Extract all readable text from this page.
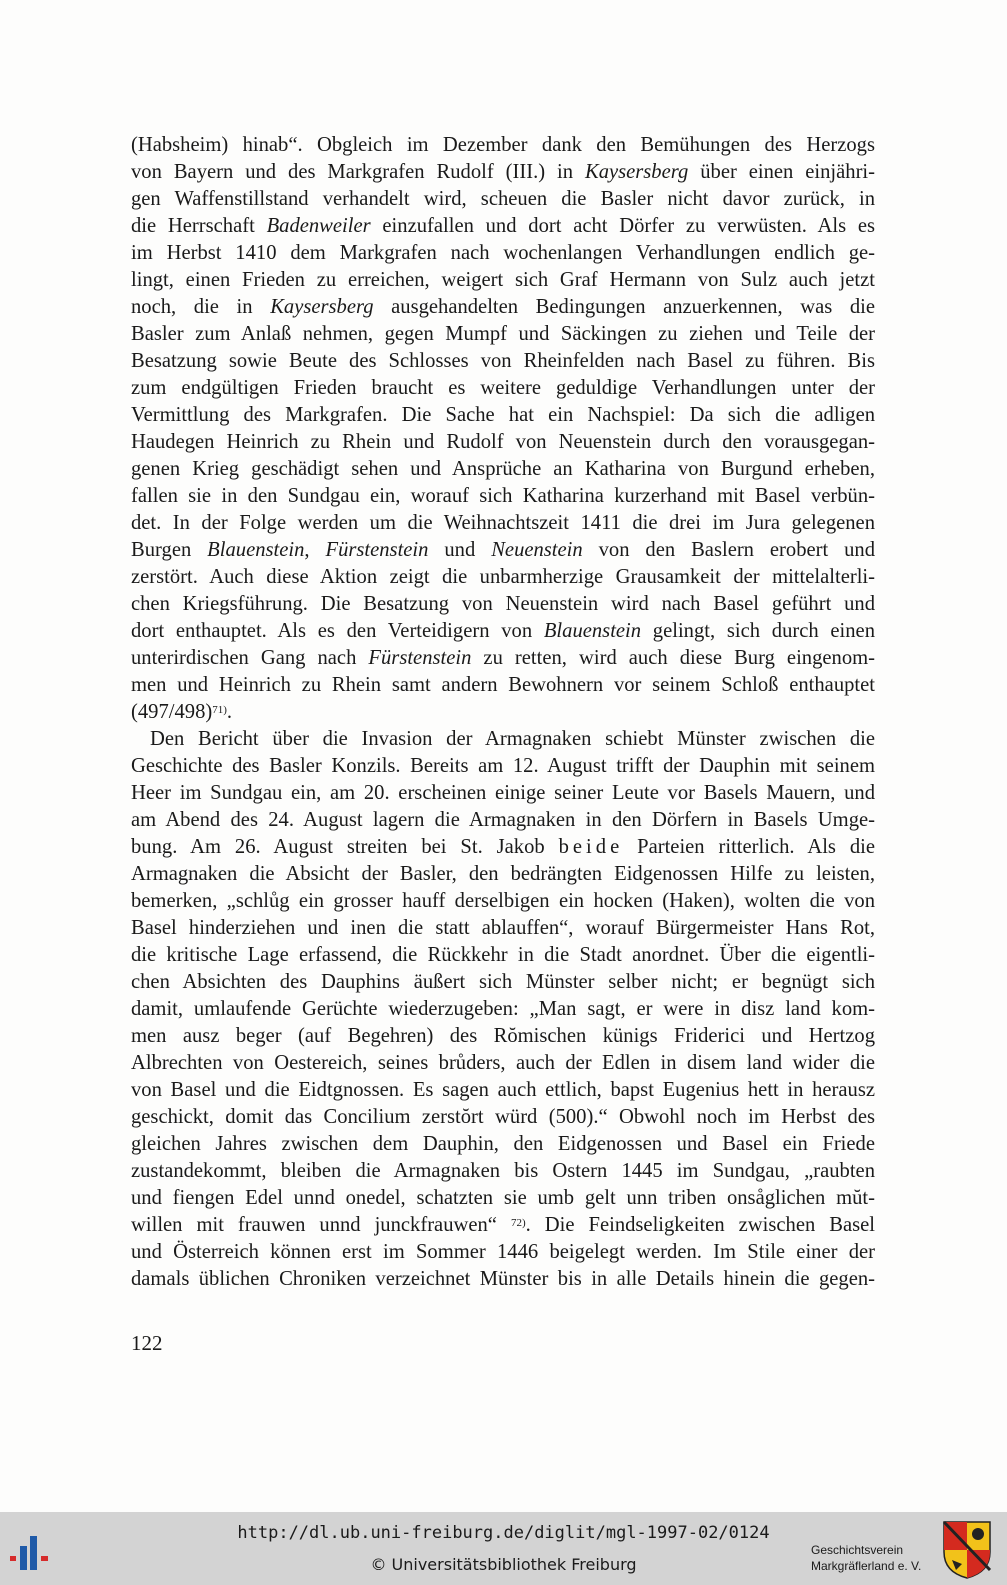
(Habsheim) hinab“. Obgleich im Dezember dank den Bemühungen des Herzogs
von Bayern und des Markgrafen Rudolf (III.) in Kaysersberg über einen einjähri-
gen Waffenstillstand verhandelt wird, scheuen die Basler nicht davor zurück, in
die Herrschaft Badenweiler einzufallen und dort acht Dörfer zu verwüsten. Als es
im Herbst 1410 dem Markgrafen nach wochenlangen Verhandlungen endlich ge-
lingt, einen Frieden zu erreichen, weigert sich Graf Hermann von Sulz auch jetzt
noch, die in Kaysersberg ausgehandelten Bedingungen anzuerkennen, was die
Basler zum Anlaß nehmen, gegen Mumpf und Säckingen zu ziehen und Teile der
Besatzung sowie Beute des Schlosses von Rheinfelden nach Basel zu führen. Bis
zum endgültigen Frieden braucht es weitere geduldige Verhandlungen unter der
Vermittlung des Markgrafen. Die Sache hat ein Nachspiel: Da sich die adligen
Haudegen Heinrich zu Rhein und Rudolf von Neuenstein durch den vorausgegan-
genen Krieg geschädigt sehen und Ansprüche an Katharina von Burgund erheben,
fallen sie in den Sundgau ein, worauf sich Katharina kurzerhand mit Basel verbün-
det. In der Folge werden um die Weihnachtszeit 1411 die drei im Jura gelegenen
Burgen Blauenstein, Fürstenstein und Neuenstein von den Baslern erobert und
zerstört. Auch diese Aktion zeigt die unbarmherzige Grausamkeit der mittelalterli-
chen Kriegsführung. Die Besatzung von Neuenstein wird nach Basel geführt und
dort enthauptet. Als es den Verteidigern von Blauenstein gelingt, sich durch einen
unterirdischen Gang nach Fürstenstein zu retten, wird auch diese Burg eingenom-
men und Heinrich zu Rhein samt andern Bewohnern vor seinem Schloß enthauptet
$(497/498)^{71)}$.
Den Bericht über die Invasion der Armagnaken schiebt Münster zwischen die
Geschichte des Basler Konzils. Bereits am 12. August trifft der Dauphin mit seinem
Heer im Sundgau ein, am 20. erscheinen einige seiner Leute vor Basels Mauern, und
am Abend des 24. August lagern die Armagnaken in den Dörfern in Basels Umge-
bung. Am 26. August streiten bei St. Jakob beide Parteien ritterlich. Als die
Armagnaken die Absicht der Basler, den bedrängten Eidgenossen Hilfe zu leisten,
bemerken, „schlůg ein grosser hauff derselbigen ein hocken (Haken), wolten die von
Basel hinderziehen und inen die statt ablauffen“, worauf Bürgermeister Hans Rot,
die kritische Lage erfassend, die Rückkehr in die Stadt anordnet. Über die eigentli-
chen Absichten des Dauphins äußert sich Münster selber nicht; er begnügt sich
damit, umlaufende Gerüchte wiederzugeben: „Man sagt, er were in disz land kom-
men ausz beger (auf Begehren) des Rŏmischen künigs Friderici und Hertzog
Albrechten von Oestereich, seines brůders, auch der Edlen in disem land wider die
von Basel und die Eidtgnossen. Es sagen auch ettlich, bapst Eugenius hett in herausz
geschickt, domit das Concilium zerstŏrt würd (500).“ Obwohl noch im Herbst des
gleichen Jahres zwischen dem Dauphin, den Eidgenossen und Basel ein Friede
zustandekommt, bleiben die Armagnaken bis Ostern 1445 im Sundgau, „raubten
und fiengen Edel unnd onedel, schatzten sie umb gelt unn triben onsåglichen mŭt-
willen mit frauwen unnd junckfrauwen“ $^{72)}$. Die Feindseligkeiten zwischen Basel
und Österreich können erst im Sommer 1446 beigelegt werden. Im Stile einer der
damals üblichen Chroniken verzeichnet Münster bis in alle Details hinein die gegen-
122
http://dl.ub.uni-freiburg.de/diglit/mgl-1997-02/0124
© Universitätsbibliothek Freiburg
Geschichtsverein
Markgräflerland e. V.
